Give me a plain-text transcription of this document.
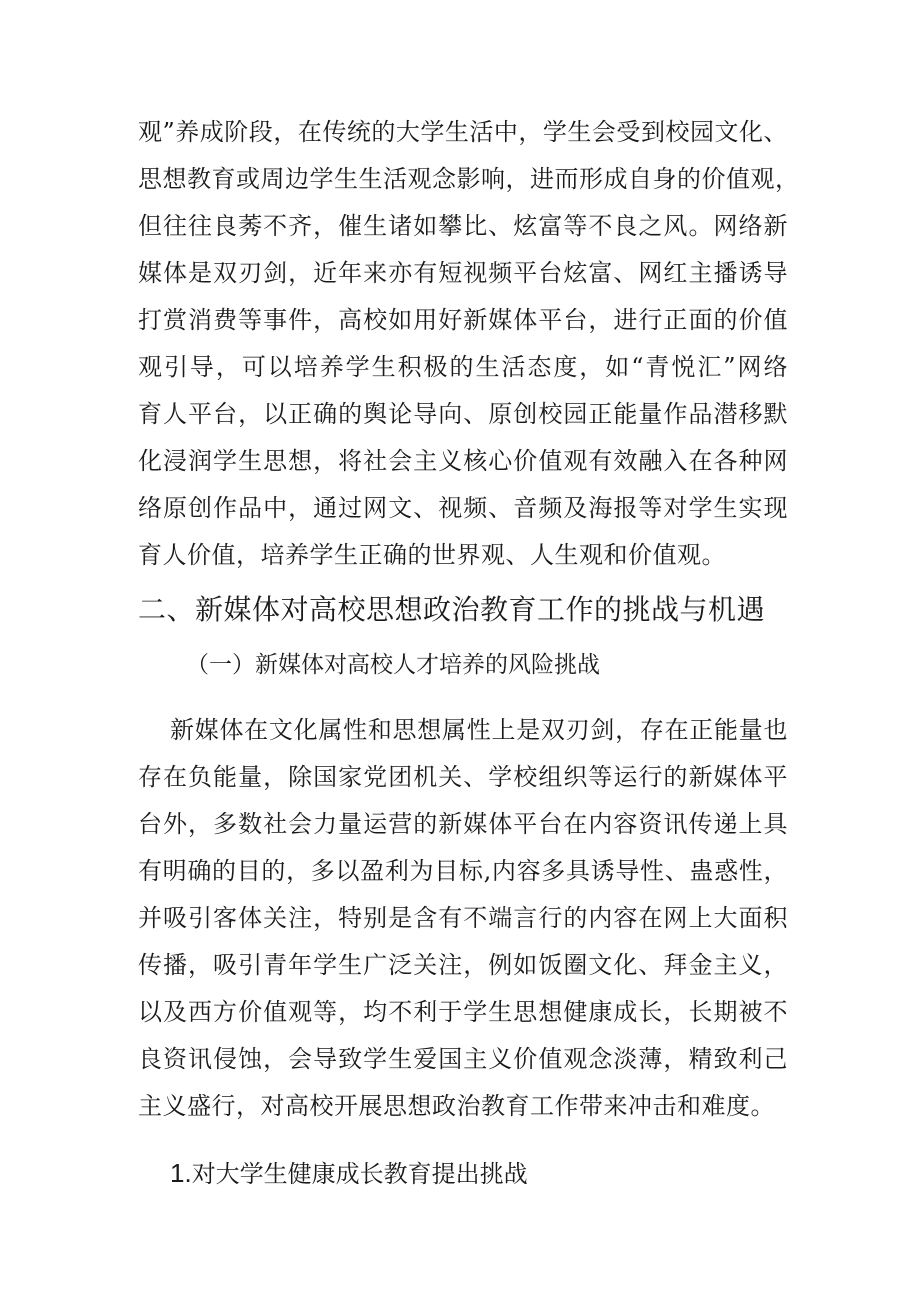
观”养成阶段，在传统的大学生活中，学生会受到校园文化、
思想教育或周边学生生活观念影响，进而形成自身的价值观，
但往往良莠不齐，催生诸如攀比、炫富等不良之风。网络新
媒体是双刃剑，近年来亦有短视频平台炫富、网红主播诱导
打赏消费等事件，高校如用好新媒体平台，进行正面的价值
观引导，可以培养学生积极的生活态度，如“青悦汇”网络
育人平台，以正确的舆论导向、原创校园正能量作品潜移默
化浸润学生思想，将社会主义核心价值观有效融入在各种网
络原创作品中，通过网文、视频、音频及海报等对学生实现
育人价值，培养学生正确的世界观、人生观和价值观。
二、新媒体对高校思想政治教育工作的挑战与机遇
（一）新媒体对高校人才培养的风险挑战
新媒体在文化属性和思想属性上是双刃剑，存在正能量也
存在负能量，除国家党团机关、学校组织等运行的新媒体平
台外，多数社会力量运营的新媒体平台在内容资讯传递上具
有明确的目的，多以盈利为目标,内容多具诱导性、蛊惑性，
并吸引客体关注，特别是含有不端言行的内容在网上大面积
传播，吸引青年学生广泛关注，例如饭圈文化、拜金主义，
以及西方价值观等，均不利于学生思想健康成长，长期被不
良资讯侵蚀，会导致学生爱国主义价值观念淡薄，精致利己
主义盛行，对高校开展思想政治教育工作带来冲击和难度。
1.对大学生健康成长教育提出挑战
